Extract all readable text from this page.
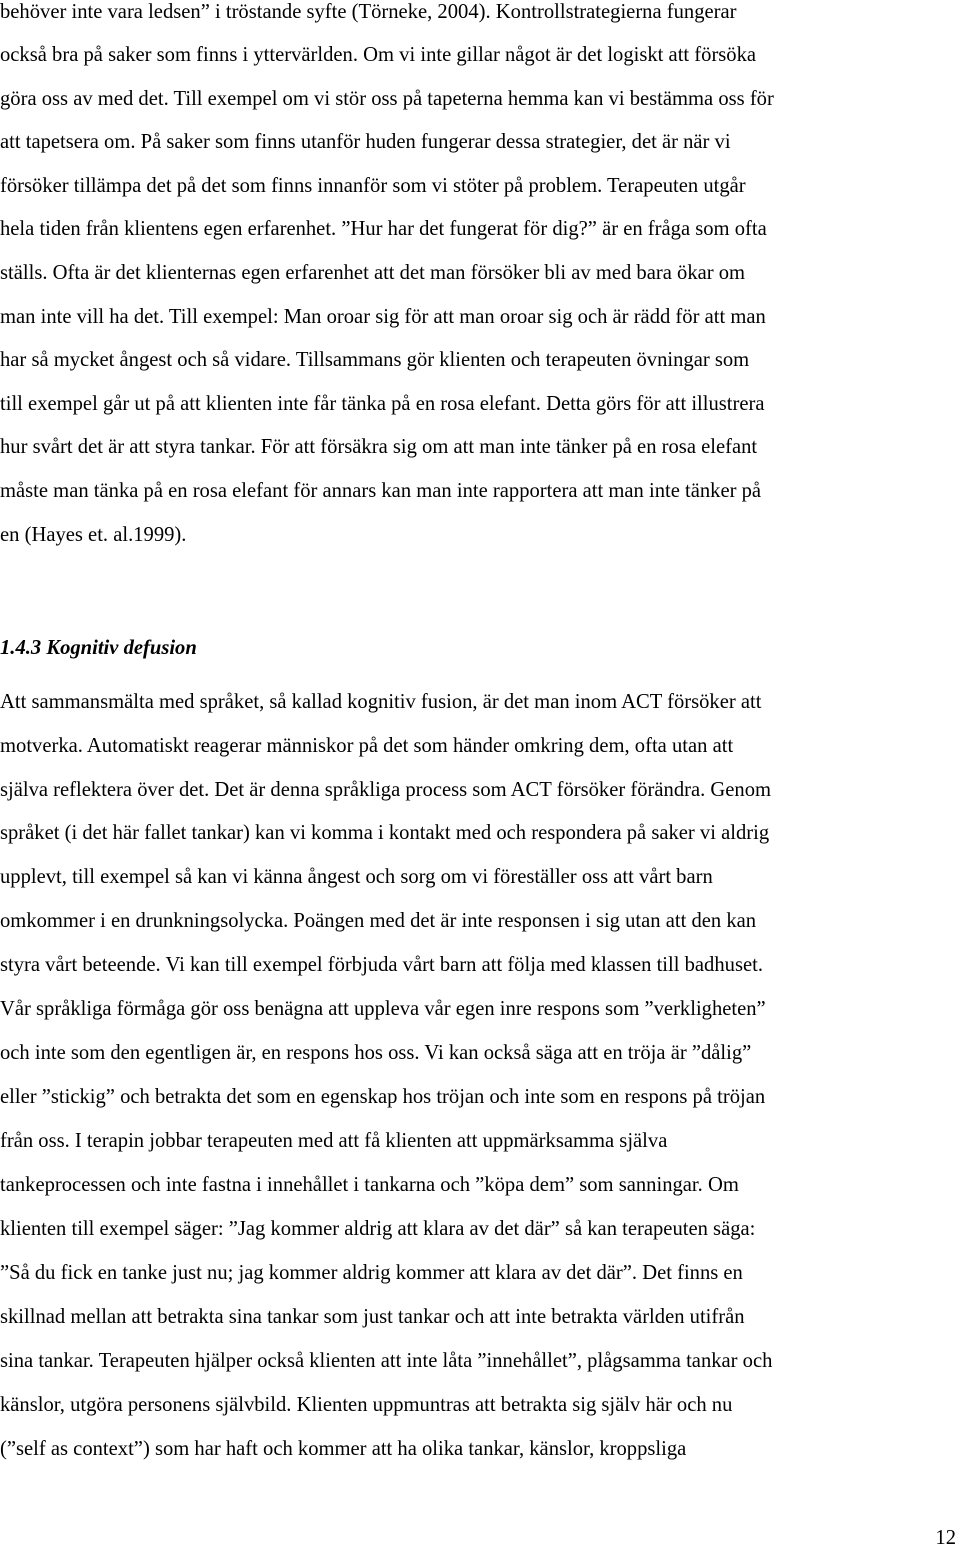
behöver inte vara ledsen” i tröstande syfte (Törneke, 2004). Kontrollstrategierna fungerar

också bra på saker som finns i yttervärlden. Om vi inte gillar något är det logiskt att försöka

göra oss av med det. Till exempel om vi stör oss på tapeterna hemma kan vi bestämma oss för

att tapetsera om. På saker som finns utanför huden fungerar dessa strategier, det är när vi

försöker tillämpa det på det som finns innanför som vi stöter på problem. Terapeuten utgår

hela tiden från klientens egen erfarenhet. ”Hur har det fungerat för dig?” är en fråga som ofta

ställs. Ofta är det klienternas egen erfarenhet att det man försöker bli av med bara ökar om

man inte vill ha det. Till exempel: Man oroar sig för att man oroar sig och är rädd för att man

har så mycket ångest och så vidare. Tillsammans gör klienten och terapeuten övningar som

till exempel går ut på att klienten inte får tänka på en rosa elefant. Detta görs för att illustrera

hur svårt det är att styra tankar. För att försäkra sig om att man inte tänker på en rosa elefant

måste man tänka på en rosa elefant för annars kan man inte rapportera att man inte tänker på

en (Hayes et. al.1999).

1.4.3 Kognitiv defusion

Att sammansmälta med språket, så kallad kognitiv fusion, är det man inom ACT försöker att

motverka. Automatiskt reagerar människor på det som händer omkring dem, ofta utan att

själva reflektera över det. Det är denna språkliga process som ACT försöker förändra. Genom

språket (i det här fallet tankar) kan vi komma i kontakt med och respondera på saker vi aldrig

upplevt, till exempel så kan vi känna ångest och sorg om vi föreställer oss att vårt barn

omkommer i en drunkningsolycka. Poängen med det är inte responsen i sig utan att den kan

styra vårt beteende. Vi kan till exempel förbjuda vårt barn att följa med klassen till badhuset.

Vår språkliga förmåga gör oss benägna att uppleva vår egen inre respons som ”verkligheten”

och inte som den egentligen är, en respons hos oss. Vi kan också säga att en tröja är ”dålig”

eller ”stickig” och betrakta det som en egenskap hos tröjan och inte som en respons på tröjan

från oss. I terapin jobbar terapeuten med att få klienten att uppmärksamma själva

tankeprocessen och inte fastna i innehållet i tankarna och ”köpa dem” som sanningar. Om

klienten till exempel säger: ”Jag kommer aldrig att klara av det där” så kan terapeuten säga:

”Så du fick en tanke just nu; jag kommer aldrig kommer att klara av det där”. Det finns en

skillnad mellan att betrakta sina tankar som just tankar och att inte betrakta världen utifrån

sina tankar. Terapeuten hjälper också klienten att inte låta ”innehållet”, plågsamma tankar och

känslor, utgöra personens självbild. Klienten uppmuntras att betrakta sig själv här och nu

(”self as context”) som har haft och kommer att ha olika tankar, känslor, kroppsliga

12
